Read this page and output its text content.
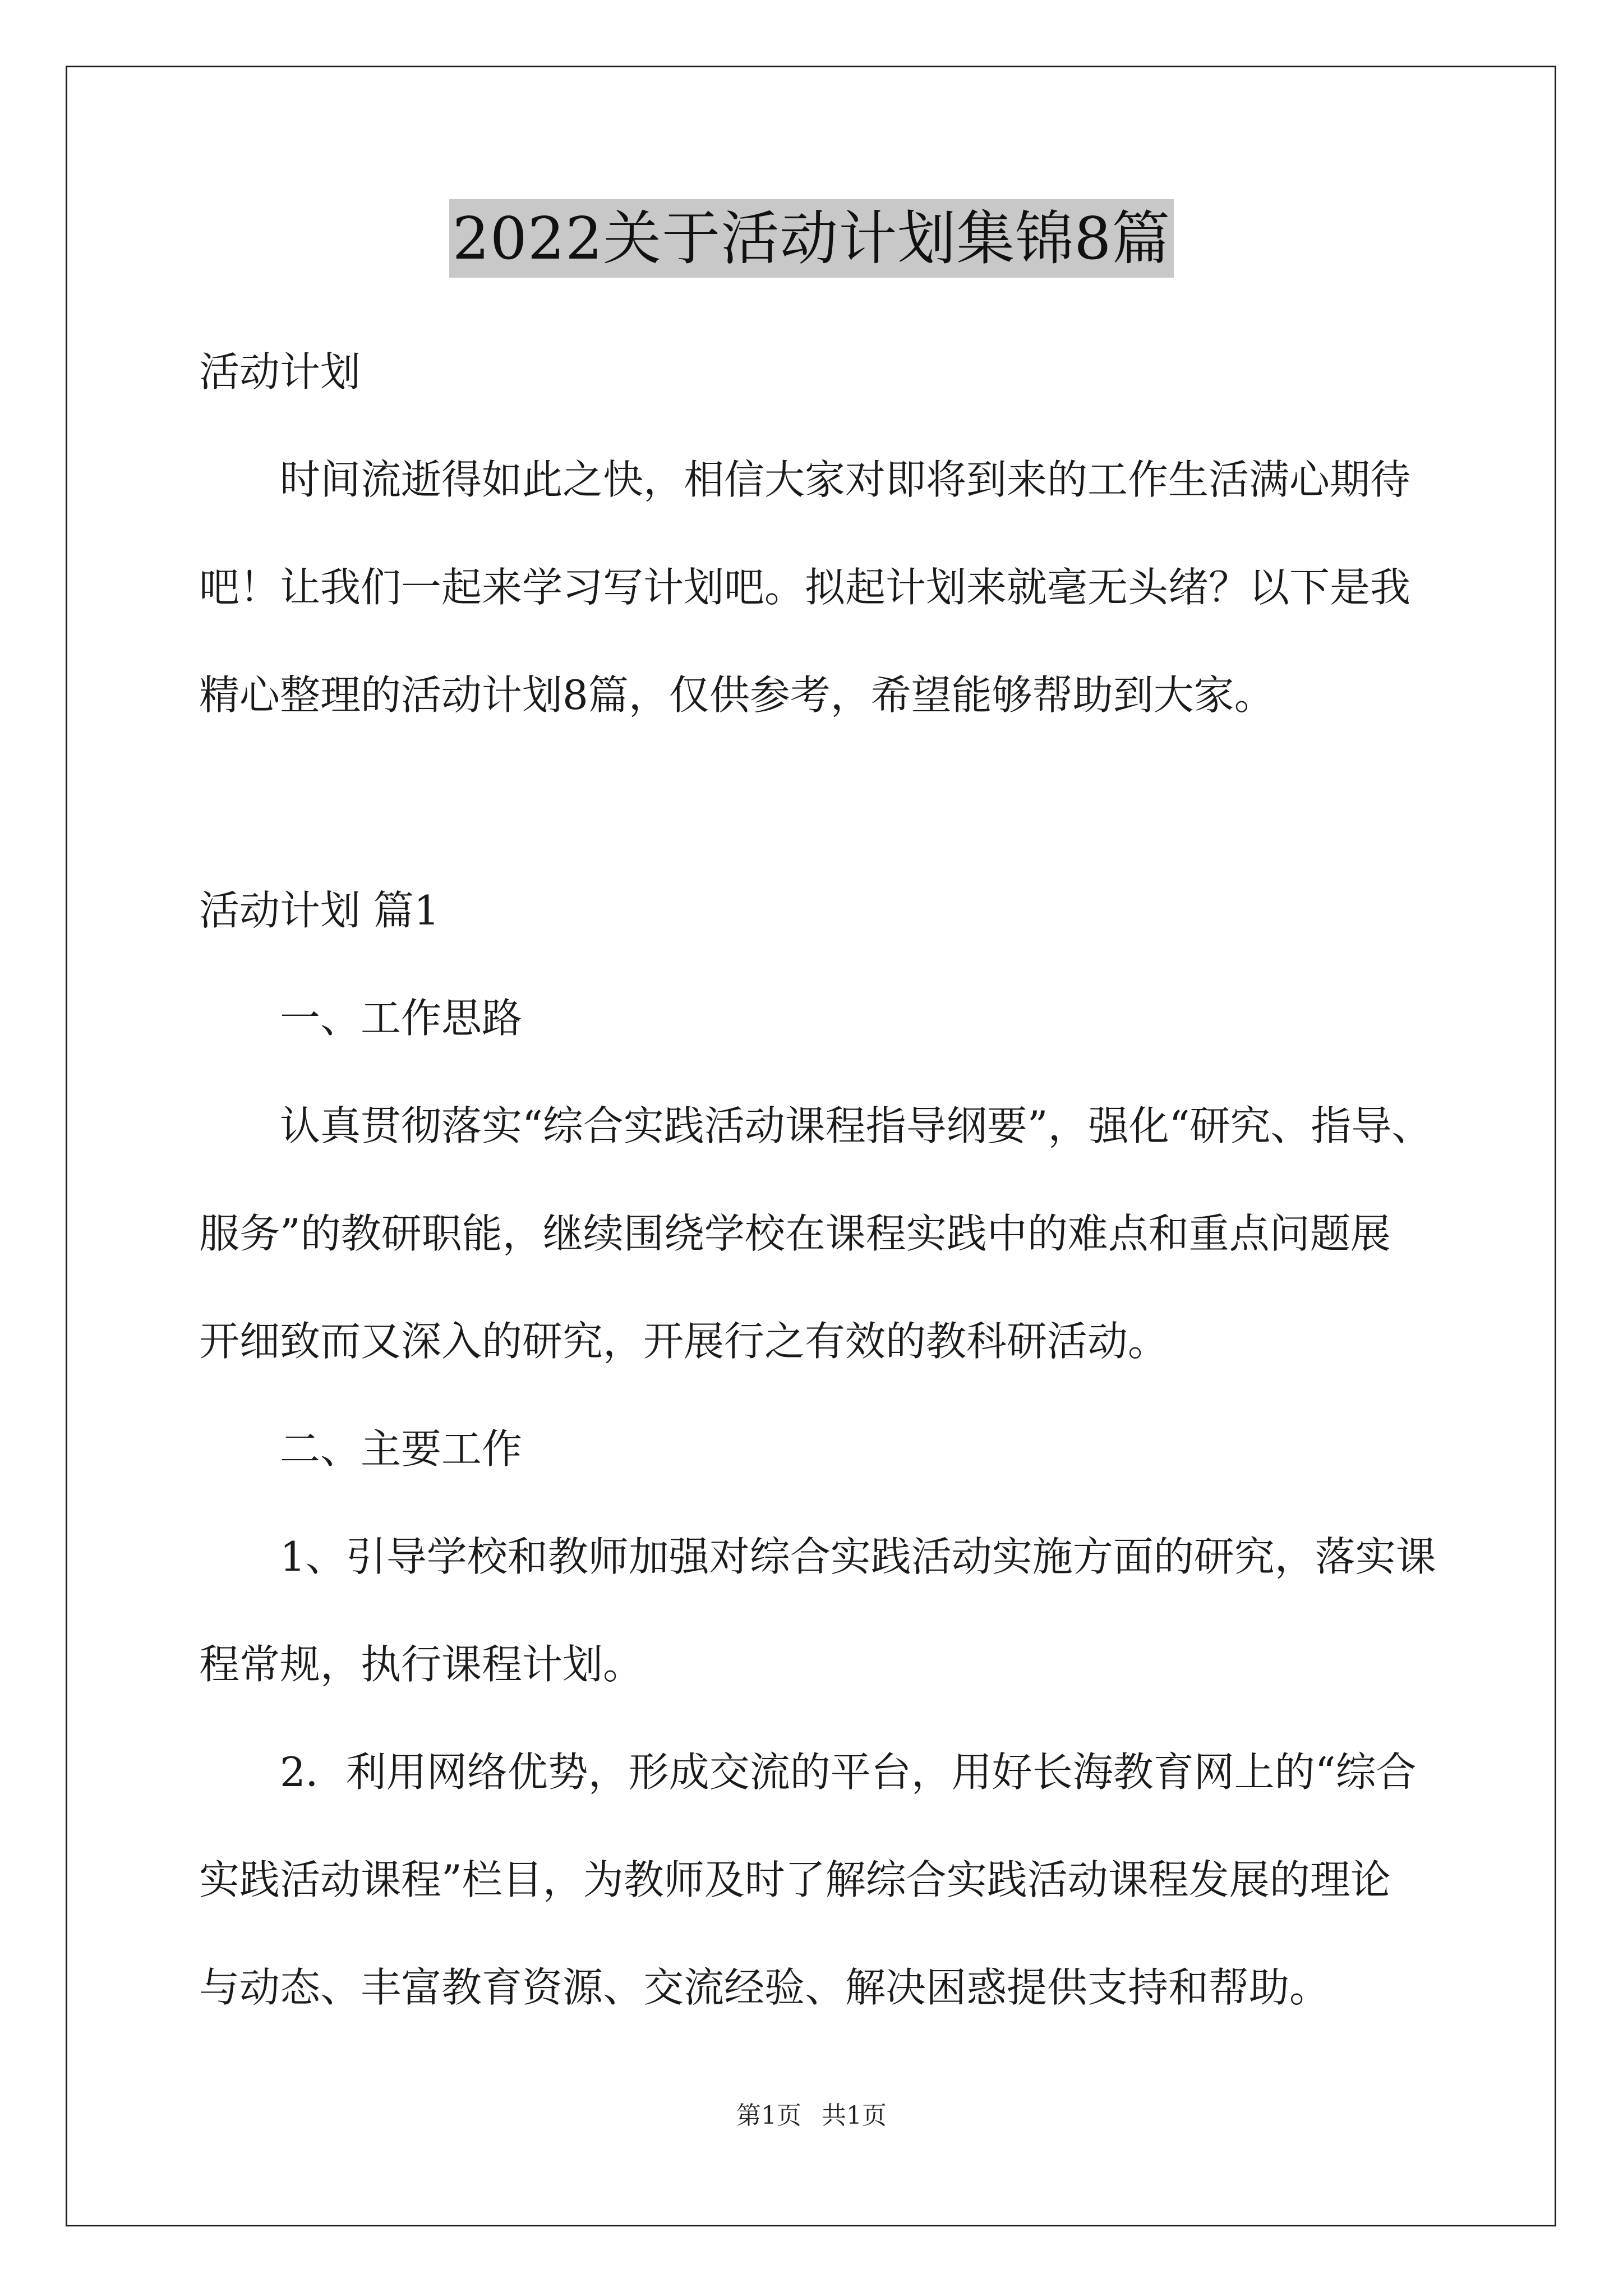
2022关于活动计划集锦8篇
活动计划
时间流逝得如此之快，相信大家对即将到来的工作生活满心期待
吧！让我们一起来学习写计划吧。拟起计划来就毫无头绪？以下是我
精心整理的活动计划8篇，仅供参考，希望能够帮助到大家。
活动计划 篇1
一、工作思路
认真贯彻落实“综合实践活动课程指导纲要”，强化“研究、指导、
服务”的教研职能，继续围绕学校在课程实践中的难点和重点问题展
开细致而又深入的研究，开展行之有效的教科研活动。
二、主要工作
1、引导学校和教师加强对综合实践活动实施方面的研究，落实课
程常规，执行课程计划。
2．利用网络优势，形成交流的平台，用好长海教育网上的“综合
实践活动课程”栏目，为教师及时了解综合实践活动课程发展的理论
与动态、丰富教育资源、交流经验、解决困惑提供支持和帮助。
第1页 共1页
